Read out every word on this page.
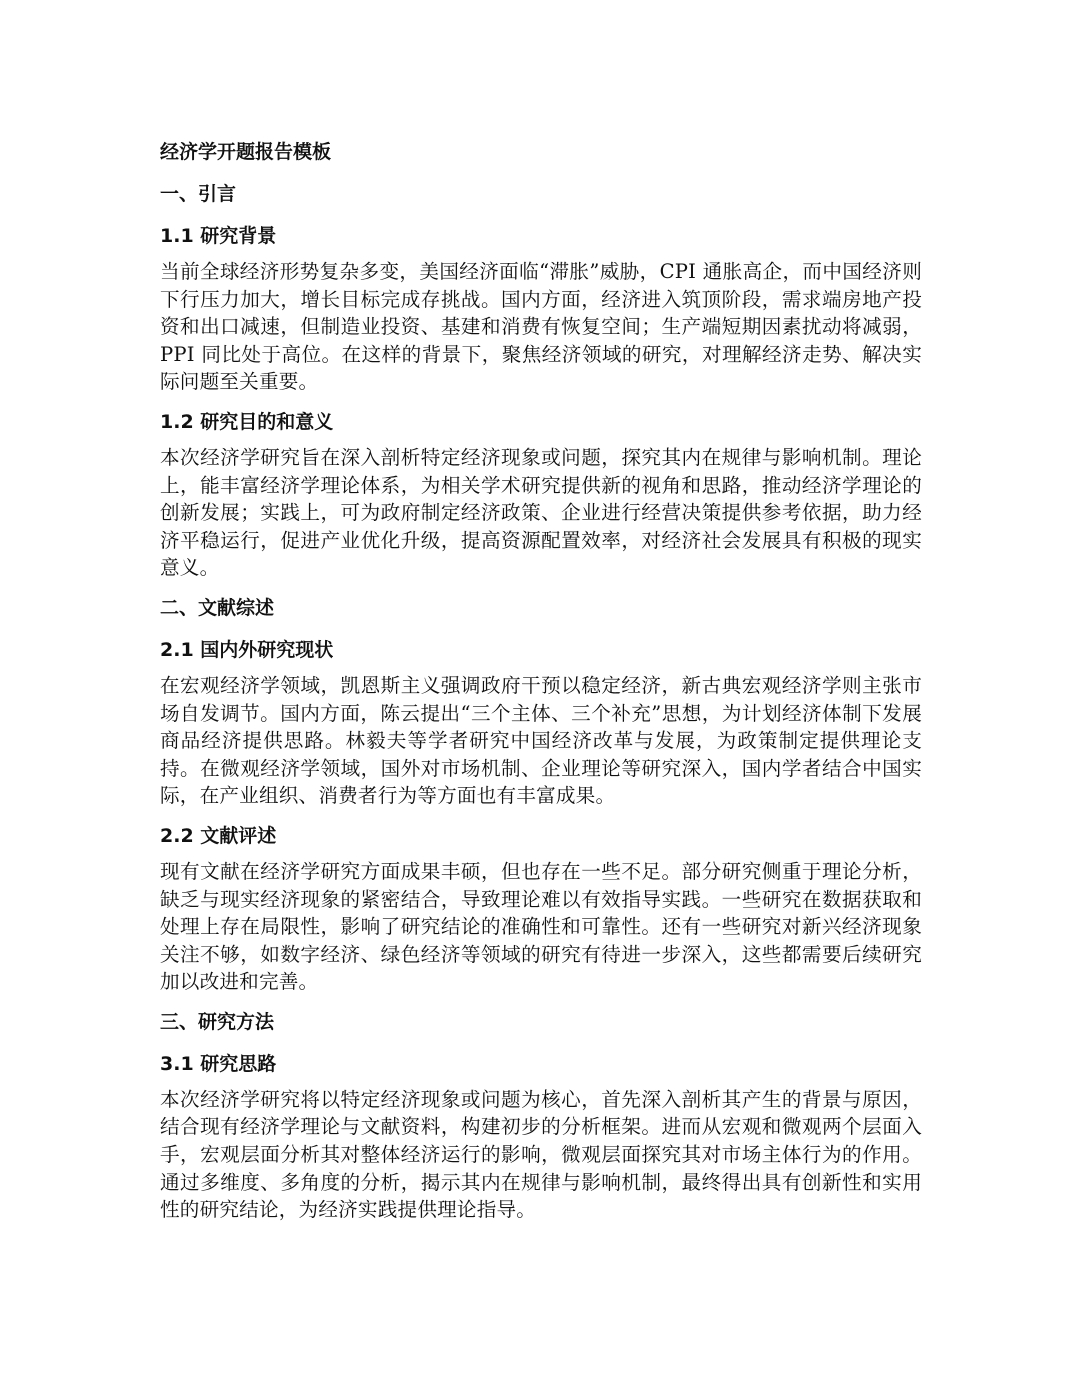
经济学开题报告模板
一、引言
1.1 研究背景

当前全球经济形势复杂多变，美国经济面临“滞胀”威胁，CPI 通胀高企，而中国经济则下行压力加大，增长目标完成存挑战。国内方面，经济进入筑顶阶段，需求端房地产投资和出口减速，但制造业投资、基建和消费有恢复空间；生产端短期因素扰动将减弱，PPI 同比处于高位。在这样的背景下，聚焦经济领域的研究，对理解经济走势、解决实际问题至关重要。

1.2 研究目的和意义

本次经济学研究旨在深入剖析特定经济现象或问题，探究其内在规律与影响机制。理论上，能丰富经济学理论体系，为相关学术研究提供新的视角和思路，推动经济学理论的创新发展；实践上，可为政府制定经济政策、企业进行经营决策提供参考依据，助力经济平稳运行，促进产业优化升级，提高资源配置效率，对经济社会发展具有积极的现实意义。

二、文献综述
2.1 国内外研究现状

在宏观经济学领域，凯恩斯主义强调政府干预以稳定经济，新古典宏观经济学则主张市场自发调节。国内方面，陈云提出“三个主体、三个补充”思想，为计划经济体制下发展商品经济提供思路。林毅夫等学者研究中国经济改革与发展，为政策制定提供理论支持。在微观经济学领域，国外对市场机制、企业理论等研究深入，国内学者结合中国实际，在产业组织、消费者行为等方面也有丰富成果。

2.2 文献评述

现有文献在经济学研究方面成果丰硕，但也存在一些不足。部分研究侧重于理论分析，缺乏与现实经济现象的紧密结合，导致理论难以有效指导实践。一些研究在数据获取和处理上存在局限性，影响了研究结论的准确性和可靠性。还有一些研究对新兴经济现象关注不够，如数字经济、绿色经济等领域的研究有待进一步深入，这些都需要后续研究加以改进和完善。

三、研究方法
3.1 研究思路

本次经济学研究将以特定经济现象或问题为核心，首先深入剖析其产生的背景与原因，结合现有经济学理论与文献资料，构建初步的分析框架。进而从宏观和微观两个层面入手，宏观层面分析其对整体经济运行的影响，微观层面探究其对市场主体行为的作用。通过多维度、多角度的分析，揭示其内在规律与影响机制，最终得出具有创新性和实用性的研究结论，为经济实践提供理论指导。
